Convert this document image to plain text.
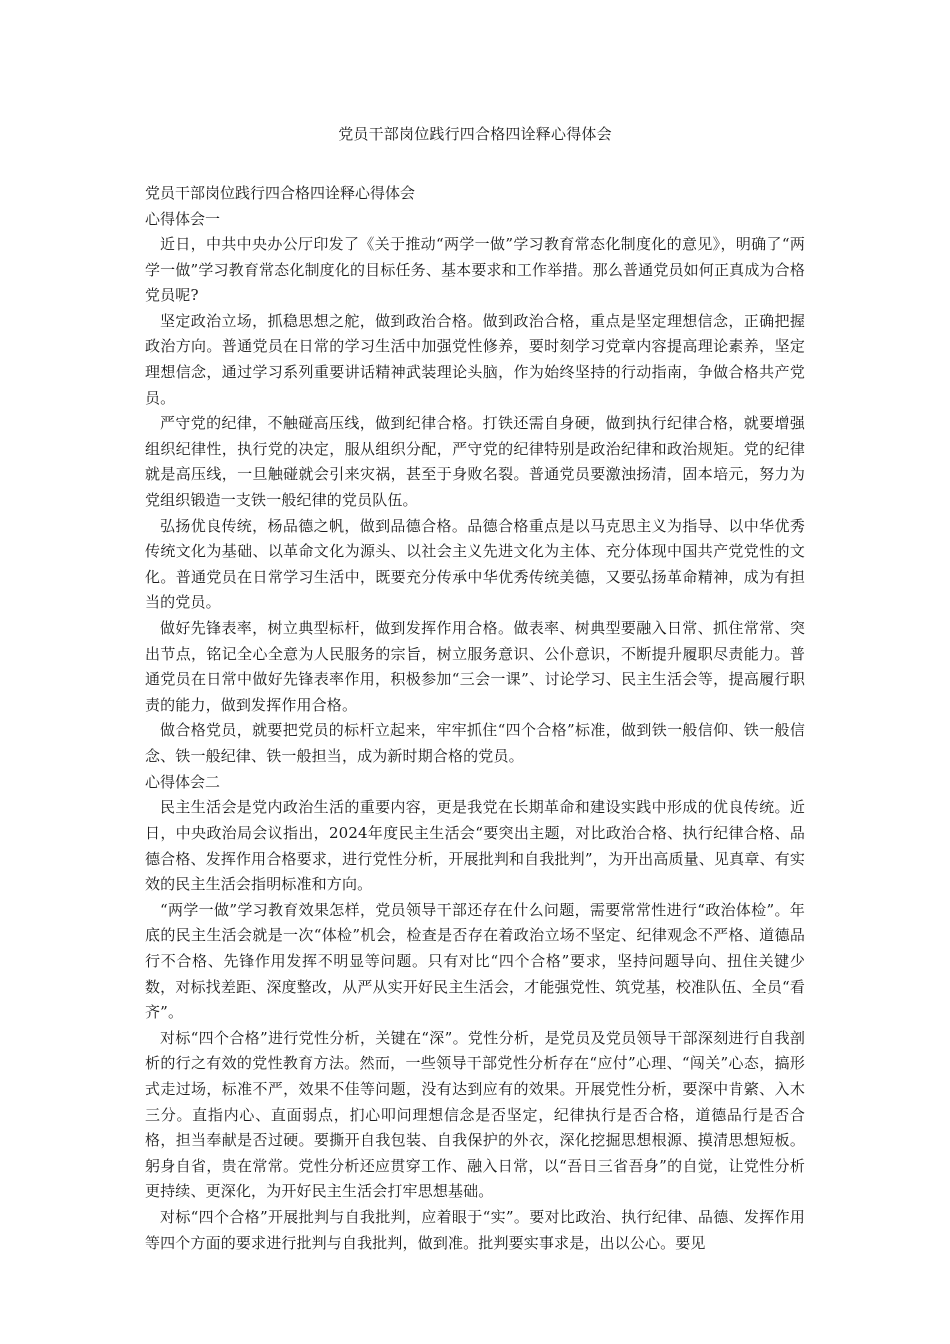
党员干部岗位践行四合格四诠释心得体会

党员干部岗位践行四合格四诠释心得体会

心得体会一

近日，中共中央办公厅印发了《关于推动“两学一做”学习教育常态化制度化的意见》，明确了“两学一做”学习教育常态化制度化的目标任务、基本要求和工作举措。那么普通党员如何正真成为合格党员呢?

坚定政治立场，抓稳思想之舵，做到政治合格。做到政治合格，重点是坚定理想信念，正确把握政治方向。普通党员在日常的学习生活中加强党性修养，要时刻学习党章内容提高理论素养，坚定理想信念，通过学习系列重要讲话精神武装理论头脑，作为始终坚持的行动指南，争做合格共产党员。

严守党的纪律，不触碰高压线，做到纪律合格。打铁还需自身硬，做到执行纪律合格，就要增强组织纪律性，执行党的决定，服从组织分配，严守党的纪律特别是政治纪律和政治规矩。党的纪律就是高压线，一旦触碰就会引来灾祸，甚至于身败名裂。普通党员要激浊扬清，固本培元，努力为党组织锻造一支铁一般纪律的党员队伍。

弘扬优良传统，杨品德之帆，做到品德合格。品德合格重点是以马克思主义为指导、以中华优秀传统文化为基础、以革命文化为源头、以社会主义先进文化为主体、充分体现中国共产党党性的文化。普通党员在日常学习生活中，既要充分传承中华优秀传统美德，又要弘扬革命精神，成为有担当的党员。

做好先锋表率，树立典型标杆，做到发挥作用合格。做表率、树典型要融入日常、抓住常常、突出节点，铭记全心全意为人民服务的宗旨，树立服务意识、公仆意识，不断提升履职尽责能力。普通党员在日常中做好先锋表率作用，积极参加“三会一课”、讨论学习、民主生活会等，提高履行职责的能力，做到发挥作用合格。

做合格党员，就要把党员的标杆立起来，牢牢抓住“四个合格”标准，做到铁一般信仰、铁一般信念、铁一般纪律、铁一般担当，成为新时期合格的党员。

心得体会二

民主生活会是党内政治生活的重要内容，更是我党在长期革命和建设实践中形成的优良传统。近日，中央政治局会议指出，2024年度民主生活会“要突出主题，对比政治合格、执行纪律合格、品德合格、发挥作用合格要求，进行党性分析，开展批判和自我批判”，为开出高质量、见真章、有实效的民主生活会指明标准和方向。

“两学一做”学习教育效果怎样，党员领导干部还存在什么问题，需要常常性进行“政治体检”。年底的民主生活会就是一次“体检”机会，检查是否存在着政治立场不坚定、纪律观念不严格、道德品行不合格、先锋作用发挥不明显等问题。只有对比“四个合格”要求，坚持问题导向、扭住关键少数，对标找差距、深度整改，从严从实开好民主生活会，才能强党性、筑党基，校准队伍、全员“看齐”。

对标“四个合格”进行党性分析，关键在“深”。党性分析，是党员及党员领导干部深刻进行自我剖析的行之有效的党性教育方法。然而，一些领导干部党性分析存在“应付”心理、“闯关”心态，搞形式走过场，标准不严，效果不佳等问题，没有达到应有的效果。开展党性分析，要深中肯綮、入木三分。直指内心、直面弱点，扪心叩问理想信念是否坚定，纪律执行是否合格，道德品行是否合格，担当奉献是否过硬。要撕开自我包装、自我保护的外衣，深化挖掘思想根源、摸清思想短板。躬身自省，贵在常常。党性分析还应贯穿工作、融入日常，以“吾日三省吾身”的自觉，让党性分析更持续、更深化，为开好民主生活会打牢思想基础。

对标“四个合格”开展批判与自我批判，应着眼于“实”。要对比政治、执行纪律、品德、发挥作用等四个方面的要求进行批判与自我批判，做到准。批判要实事求是，出以公心。要见
